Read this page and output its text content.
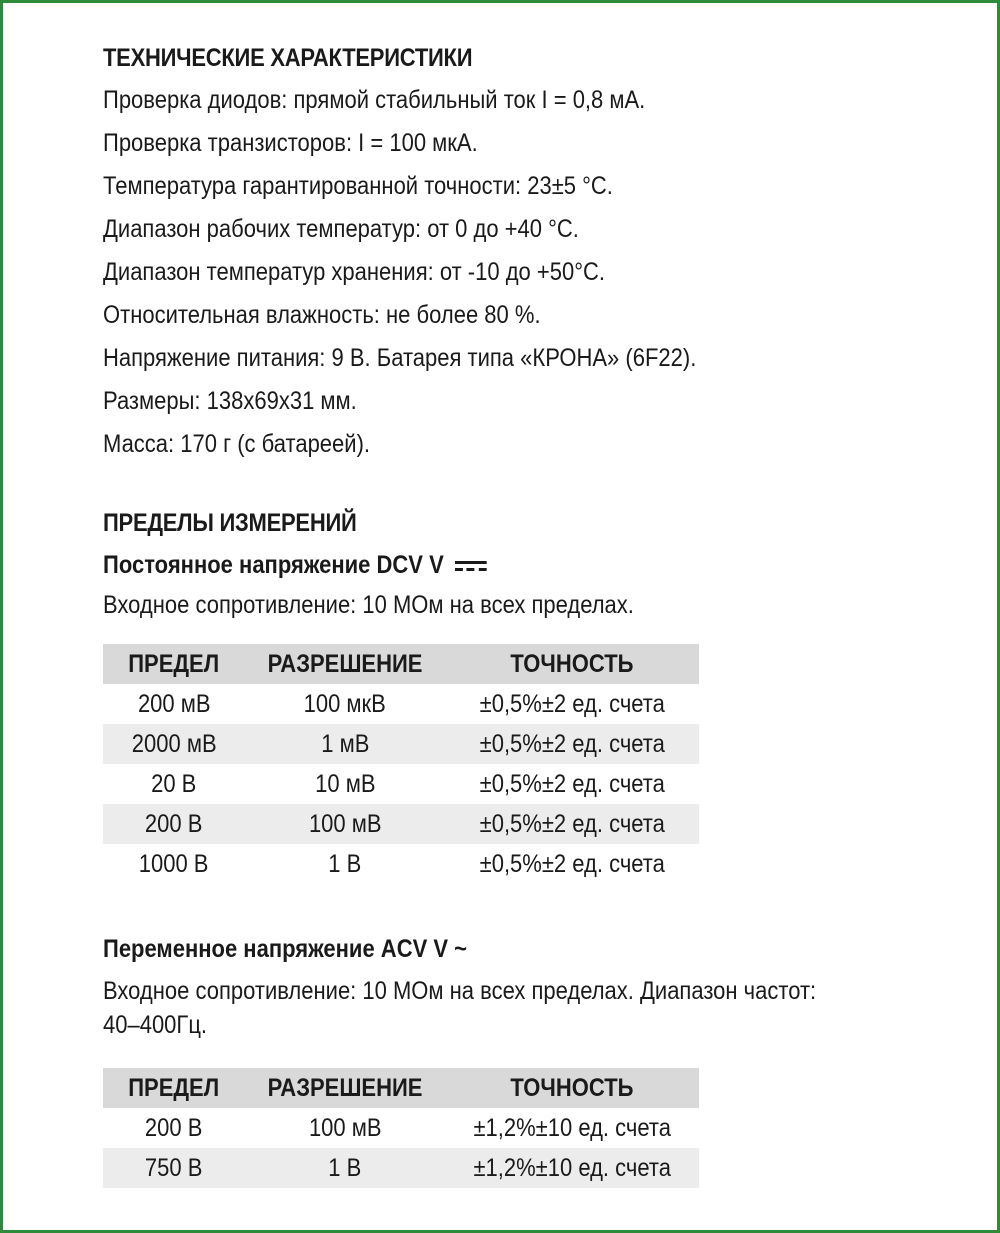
ТЕХНИЧЕСКИЕ ХАРАКТЕРИСТИКИ

Проверка диодов: прямой стабильный ток I = 0,8 мА.

Проверка транзисторов: I = 100 мкА.

Температура гарантированной точности: 23±5 °С.

Диапазон рабочих температур: от 0 до +40 °С.

Диапазон температур хранения: от -10 до +50°С.

Относительная влажность: не более 80 %.

Напряжение питания: 9 В. Батарея типа «КРОНА» (6F22).

Размеры: 138х69х31 мм.

Масса: 170 г (с батареей).

ПРЕДЕЛЫ ИЗМЕРЕНИЙ

Постоянное напряжение DCV V

Входное сопротивление: 10 МОм на всех пределах.

ПРЕДЕЛ	РАЗРЕШЕНИЕ	ТОЧНОСТЬ
200 мВ	100 мкВ	±0,5%±2 ед. счета
2000 мВ	1 мВ	±0,5%±2 ед. счета
20 В	10 мВ	±0,5%±2 ед. счета
200 В	100 мВ	±0,5%±2 ед. счета
1000 В	1 В	±0,5%±2 ед. счета

Переменное напряжение ACV V ~

Входное сопротивление: 10 МОм на всех пределах. Диапазон частот:

40–400Гц.

ПРЕДЕЛ	РАЗРЕШЕНИЕ	ТОЧНОСТЬ
200 В	100 мВ	±1,2%±10 ед. счета
750 В	1 В	±1,2%±10 ед. счета
